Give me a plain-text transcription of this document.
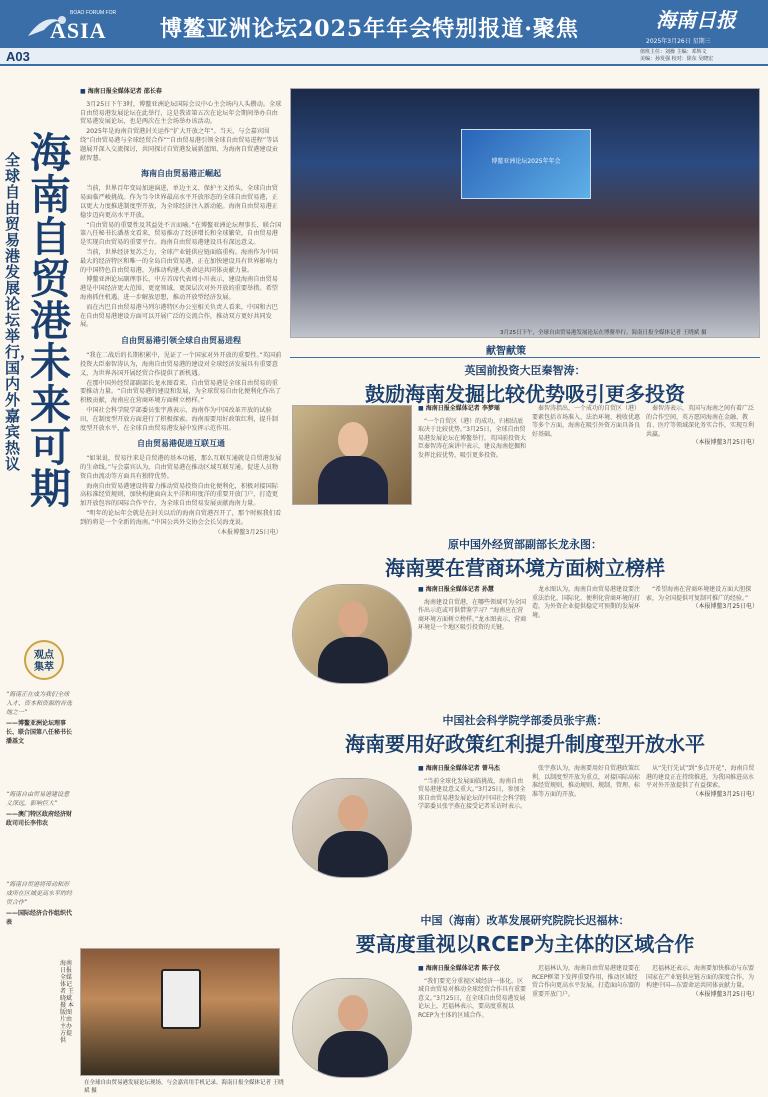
BOAO FORUM FOR
ASIA 博鳌亚洲论坛2025年年会特别报道·聚焦	海南日报
2025年3月26日 星期三
A03	值班主任：刘操 主编：邓辉文
美编：孙发强 校对：徐东 吴晓宏
海南自贸港未来可期
全球自由贸易港发展论坛举行，国内外嘉宾热议
观点
集萃
“海南正在成为我们全球入才、资本和资源的首选地之一”
——博鳌亚洲论坛理事长、联合国第八任秘书长潘基文
“海南自由贸易港建设意义深远，影响巨大”
——澳门特区政府经济财政司司长李伟农
“海南自贸港将带动和形成所在区域更高水平的经贸合作”
——国际经济合作组织代表
海南日报全媒体记者 王晓斌 摄 本版图片由主办方提供
■ 海南日报全媒体记者 邵长春

3月25日下午3时，博鳌亚洲论坛国际会议中心主会场内人头攒动。全球自由贸易港发展论坛在此举行，这是我省第五次在论坛年会期间举办自由贸易港发展论坛，也是两次在主会场举办该活动。

2025年是海南自贸港封关运作“扩大开放之年”。当天，与会嘉宾围绕“自由贸易港与全球经贸合作”“自由贸易港引领全球自由贸易进程”等话题展开深入交流探讨，共同探讨自贸港发展新蓝图，为海南自贸港建设贡献智慧。

海南自由贸易港正崛起

当前，世界百年变局加速演进，单边主义、保护主义抬头，全球自由贸易面临严峻挑战。作为当今世界最高水平开放形态的全球自由贸易港，正以更大力度推进制度型开放，为全球经济注入新动能。海南自由贸易港正稳步迈向更高水平开放。

“自由贸易的重要性及其益处不言而喻。”在博鳌亚洲论坛理事长、联合国第八任秘书长潘基文看来，贸易推动了经济增长和全球繁荣，自由贸易港是实现自由贸易的重要平台。海南自由贸易港建设具有深远意义。

当前，世界经济复苏乏力，全球产业链供应链面临重构。海南作为中国最大的经济特区和唯一的全岛自由贸易港，正在加快建设具有世界影响力的中国特色自由贸易港，为推动构建人类命运共同体贡献力量。

博鳌亚洲论坛副理事长、中方首席代表周小川表示，建设海南自由贸易港是中国经济更大范围、更宽领域、更深层次对外开放的重要举措。希望海南抓住机遇，进一步解放思想，推动开放型经济发展。

而在古巴自由贸易港马列尔港特区办公室相关负责人看来，中国和古巴在自由贸易港建设方面可以开展广泛的交流合作，推动双方更好共同发展。

自由贸易港引领全球自由贸易进程

“我在二战后的长期积累中，见证了一个国家对外开放的重要性。”英国前投资大臣秦智涛认为，海南自由贸易港的建设对全球经济发展具有重要意义，为世界各国开展经贸合作提供了新机遇。

在那中国外经贸部副部长龙永图看来，自由贸易港是全球自由贸易的重要推动力量。“自由贸易港的建设和发展，为全球贸易自由化便利化作出了积极贡献，海南应在营商环境方面树立榜样。”

中国社会科学院学部委员张宇燕表示，海南作为中国改革开放的试验田，在制度型开放方面进行了积极探索。海南需要用好政策红利，提升制度型开放水平，在全球自由贸易港发展中发挥示范作用。

自由贸易港促进互联互通

“如果说，贸易往来是自贸港的基本功能，那么互联互通就是自贸港发展的生命线。”与会嘉宾认为，自由贸易港在推动区域互联互通、促进人员物资自由流动等方面具有独特优势。

海南自由贸易港建设将着力推动贸易投资自由化便利化，积极对接国际高标准经贸规则，加快构建面向太平洋和印度洋的重要开放门户，打造更加开放包容的国际合作平台，为全球自由贸易发展贡献海南力量。

“明年的论坛年会就是在封关以后的海南自贸港召开了，那个时候我们看到的将是一个全新的海南。”中国公共外交协会会长吴海龙说。

（本报博鳌3月25日电）

在全球自由贸易港发展论坛现场，与会嘉宾用手机记录。海南日报全媒体记者 王晓斌 摄
博鳌亚洲论坛2025年年会
3月25日下午，全球自由贸易港发展论坛在博鳌举行。海南日报全媒体记者 王晓斌 摄
献智献策
英国前投资大臣秦智涛：
鼓励海南发掘比较优势吸引更多投资
■ 海南日报全媒体记者 李梦瑶

“一个自贸区（港）的成功，归根结底取决于比较优势。”3月25日，全球自由贸易港发展论坛在博鳌举行，英国前投资大臣秦智涛在演讲中表示，建议海南挖掘和发挥比较优势，吸引更多投资。

秦智涛指出，一个成功的自贸区（港）要素包括市场准入、法治环境、税收优惠等多个方面，海南在吸引外资方面具备良好基础。

秦智涛表示，英国与海南之间有着广泛的合作空间，英方愿同海南在金融、教育、医疗等领域深化务实合作，实现互利共赢。

（本报博鳌3月25日电）

原中国外经贸部副部长龙永图：
海南要在营商环境方面树立榜样
■ 海南日报全媒体记者 孙慧

海南建设自贸港，在哪些领域可为全国作出示范或可供借鉴学习？“海南应在营商环境方面树立榜样。”龙永图表示，营商环境是一个地区吸引投资的关键。

龙永图认为，海南自由贸易港建设要注重法治化、国际化、便利化营商环境的打造，为外资企业提供稳定可预期的发展环境。

“希望海南在营商环境建设方面大胆探索，为全国提供可复制可推广的经验。”

（本报博鳌3月25日电）

中国社会科学院学部委员张宇燕：
海南要用好政策红利提升制度型开放水平
■ 海南日报全媒体记者 曾马杰

“当前全球化发展面临挑战，海南自由贸易港建设意义重大。”3月25日，参加全球自由贸易港发展论坛的中国社会科学院学部委员张宇燕在接受记者采访时表示。

张宇燕认为，海南要用好自贸港政策红利，以制度型开放为重点，对接国际高标准经贸规则，推动规则、规制、管理、标准等方面的开放。

从“先行先试”到“多点开花”，海南自贸港的建设正在持续推进，为我国推进高水平对外开放提供了有益探索。

（本报博鳌3月25日电）

中国（海南）改革发展研究院院长迟福林：
要高度重视以RCEP为主体的区域合作
■ 海南日报全媒体记者 陈子仪

“我们要充分重视区域经济一体化。区域自由贸易对推动全球经贸合作具有重要意义。”3月25日，在全球自由贸易港发展论坛上，迟福林表示，要高度重视以RCEP为主体的区域合作。

迟福林认为，海南自由贸易港建设要在RCEP框架下发挥重要作用，推动区域经贸合作向更高水平发展，打造面向东盟的重要开放门户。

迟福林还表示，海南要加快推动与东盟国家在产业链供应链方面的深度合作，为构建中国—东盟命运共同体贡献力量。

（本报博鳌3月25日电）
